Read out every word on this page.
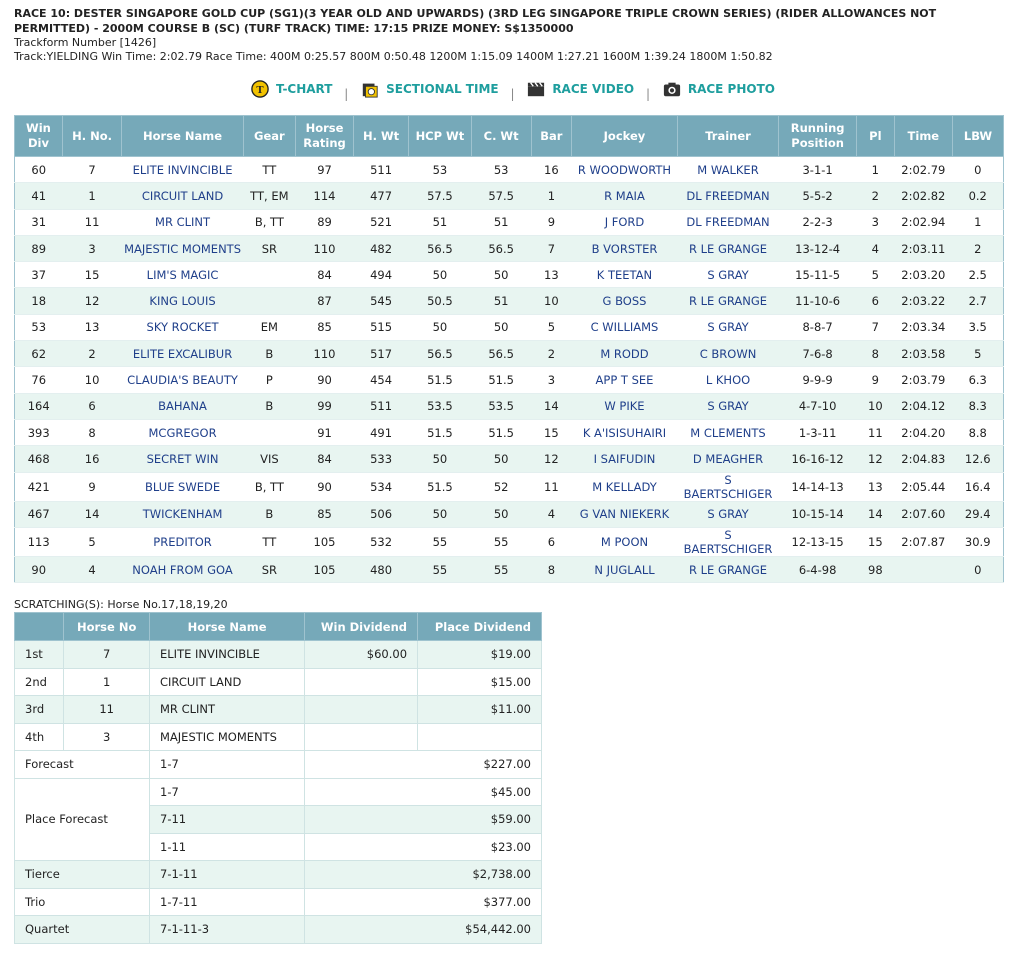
RACE 10: DESTER SINGAPORE GOLD CUP (SG1)(3 YEAR OLD AND UPWARDS) (3RD LEG SINGAPORE TRIPLE CROWN SERIES) (RIDER ALLOWANCES NOT PERMITTED) - 2000M COURSE B (SC) (TURF TRACK) TIME: 17:15 PRIZE MONEY: S$1350000
Trackform Number [1426]
Track:YIELDING Win Time: 2:02.79 Race Time: 400M 0:25.57 800M 0:50.48 1200M 1:15.09 1400M 1:27.21 1600M 1:39.24 1800M 1:50.82
T T-CHART |	SECTIONAL TIME |	RACE VIDEO |	RACE PHOTO
Win Div	H. No.	Horse Name	Gear	Horse Rating	H. Wt	HCP Wt	C. Wt	Bar	Jockey	Trainer	Running Position	Pl	Time	LBW
60	7	ELITE INVINCIBLE	TT	97	511	53	53	16	R WOODWORTH	M WALKER	3-1-1	1	2:02.79	0
41	1	CIRCUIT LAND	TT, EM	114	477	57.5	57.5	1	R MAIA	DL FREEDMAN	5-5-2	2	2:02.82	0.2
31	11	MR CLINT	B, TT	89	521	51	51	9	J FORD	DL FREEDMAN	2-2-3	3	2:02.94	1
89	3	MAJESTIC MOMENTS	SR	110	482	56.5	56.5	7	B VORSTER	R LE GRANGE	13-12-4	4	2:03.11	2
37	15	LIM'S MAGIC		84	494	50	50	13	K TEETAN	S GRAY	15-11-5	5	2:03.20	2.5
18	12	KING LOUIS		87	545	50.5	51	10	G BOSS	R LE GRANGE	11-10-6	6	2:03.22	2.7
53	13	SKY ROCKET	EM	85	515	50	50	5	C WILLIAMS	S GRAY	8-8-7	7	2:03.34	3.5
62	2	ELITE EXCALIBUR	B	110	517	56.5	56.5	2	M RODD	C BROWN	7-6-8	8	2:03.58	5
76	10	CLAUDIA'S BEAUTY	P	90	454	51.5	51.5	3	APP T SEE	L KHOO	9-9-9	9	2:03.79	6.3
164	6	BAHANA	B	99	511	53.5	53.5	14	W PIKE	S GRAY	4-7-10	10	2:04.12	8.3
393	8	MCGREGOR		91	491	51.5	51.5	15	K A'ISISUHAIRI	M CLEMENTS	1-3-11	11	2:04.20	8.8
468	16	SECRET WIN	VIS	84	533	50	50	12	I SAIFUDIN	D MEAGHER	16-16-12	12	2:04.83	12.6
421	9	BLUE SWEDE	B, TT	90	534	51.5	52	11	M KELLADY	S BAERTSCHIGER	14-14-13	13	2:05.44	16.4
467	14	TWICKENHAM	B	85	506	50	50	4	G VAN NIEKERK	S GRAY	10-15-14	14	2:07.60	29.4
113	5	PREDITOR	TT	105	532	55	55	6	M POON	S BAERTSCHIGER	12-13-15	15	2:07.87	30.9
90	4	NOAH FROM GOA	SR	105	480	55	55	8	N JUGLALL	R LE GRANGE	6-4-98	98		0
SCRATCHING(S): Horse No.17,18,19,20
	Horse No	Horse Name	Win Dividend	Place Dividend
1st	7	ELITE INVINCIBLE	$60.00	$19.00
2nd	1	CIRCUIT LAND		$15.00
3rd	11	MR CLINT		$11.00
4th	3	MAJESTIC MOMENTS		
Forecast		1-7	$227.00	
Place Forecast		1-7	$45.00	
		7-11	$59.00	
		1-11	$23.00	
Tierce		7-1-11	$2,738.00	
Trio		1-7-11	$377.00	
Quartet		7-1-11-3	$54,442.00	
